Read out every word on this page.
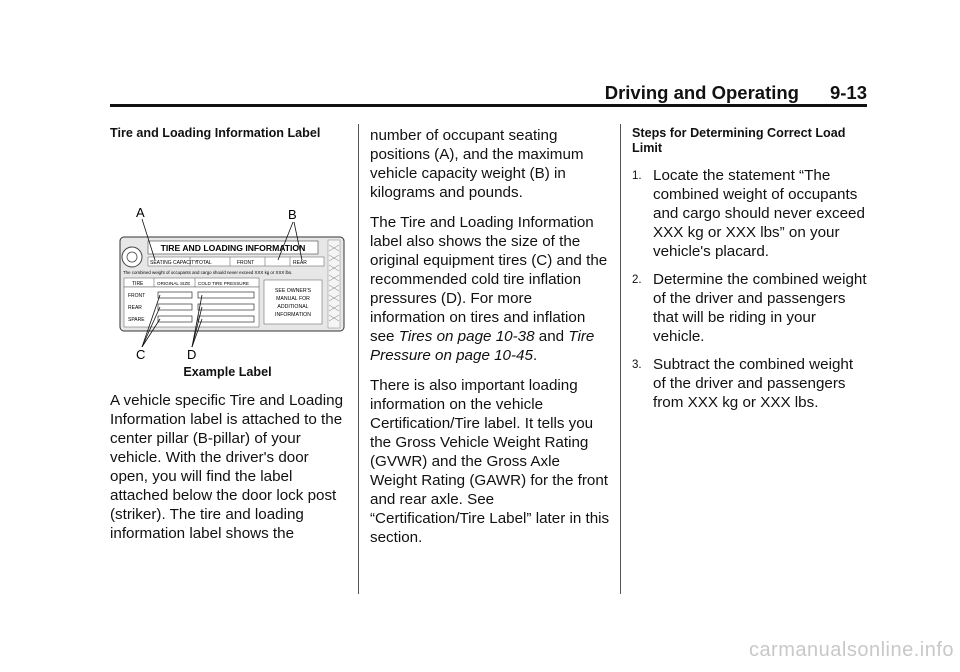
Driving and Operating 9-13

Tire and Loading Information Label

A	B
C	D
TIRE AND LOADING INFORMATION
SEATING CAPACITY
TOTAL	FRONT	REAR
The combined weight of occupants and cargo should never exceed XXX kg or XXX lbs.
TIRE	ORIGINAL SIZE COLD TIRE PRESSURE
FRONT
REAR
SPARE
SEE OWNER'S
MANUAL FOR
ADDITIONAL
INFORMATION

Example Label

A vehicle specific Tire and Loading Information label is attached to the center pillar (B-pillar) of your vehicle. With the driver's door open, you will find the label attached below the door lock post (striker). The tire and loading information label shows the

number of occupant seating positions (A), and the maximum vehicle capacity weight (B) in kilograms and pounds.

The Tire and Loading Information label also shows the size of the original equipment tires (C) and the recommended cold tire inflation pressures (D). For more information on tires and inflation see Tires on page 10-38 and Tire Pressure on page 10-45.

There is also important loading information on the vehicle Certification/Tire label. It tells you the Gross Vehicle Weight Rating (GVWR) and the Gross Axle Weight Rating (GAWR) for the front and rear axle. See “Certification/Tire Label” later in this section.

Steps for Determining Correct Load Limit

1. Locate the statement “The combined weight of occupants and cargo should never exceed XXX kg or XXX lbs” on your vehicle's placard.
2. Determine the combined weight of the driver and passengers that will be riding in your vehicle.
3. Subtract the combined weight of the driver and passengers from XXX kg or XXX lbs.
carmanualsonline.info
